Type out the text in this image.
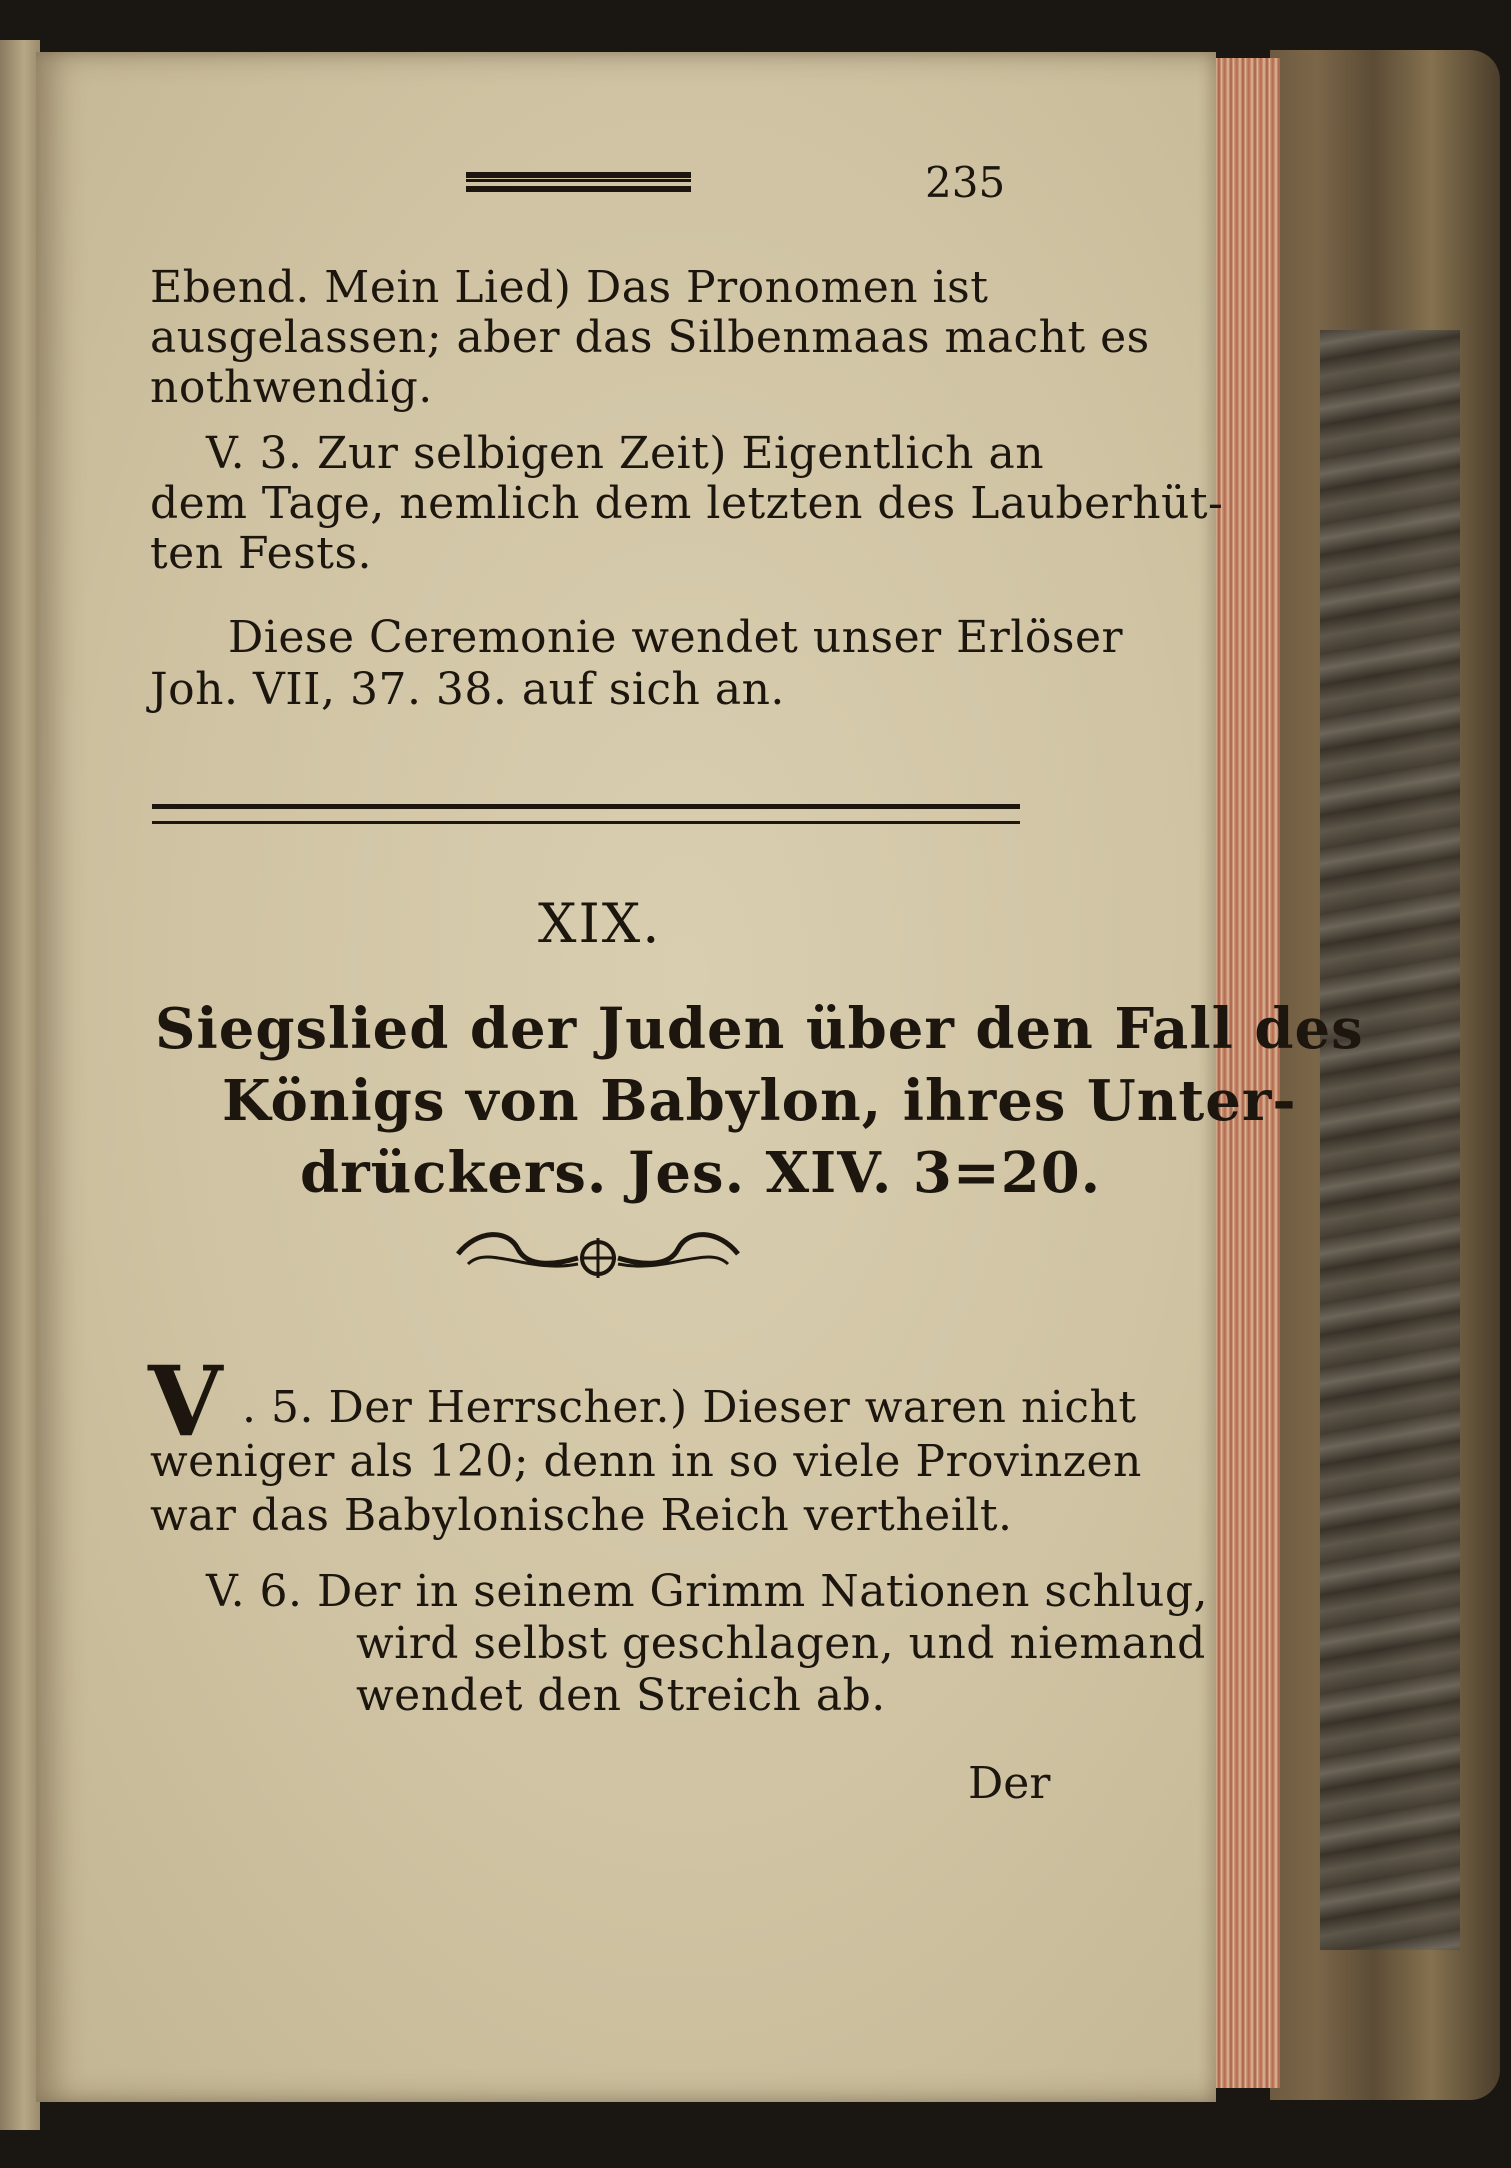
235

Ebend. Mein Lied) Das Pronomen ist

ausgelassen; aber das Silbenmaas macht es

nothwendig.

V. 3. Zur selbigen Zeit) Eigentlich an

dem Tage, nemlich dem letzten des Lauberhüt-

ten Fests.

Diese Ceremonie wendet unser Erlöser

Joh. VII, 37. 38. auf sich an.

XIX.

Siegslied der Juden über den Fall des

Königs von Babylon, ihres Unter-

drückers. Jes. XIV. 3=20.

V . 5. Der Herrscher.) Dieser waren nicht

weniger als 120; denn in so viele Provinzen

war das Babylonische Reich vertheilt.

V. 6. Der in seinem Grimm Nationen schlug,

wird selbst geschlagen, und niemand

wendet den Streich ab.

Der
